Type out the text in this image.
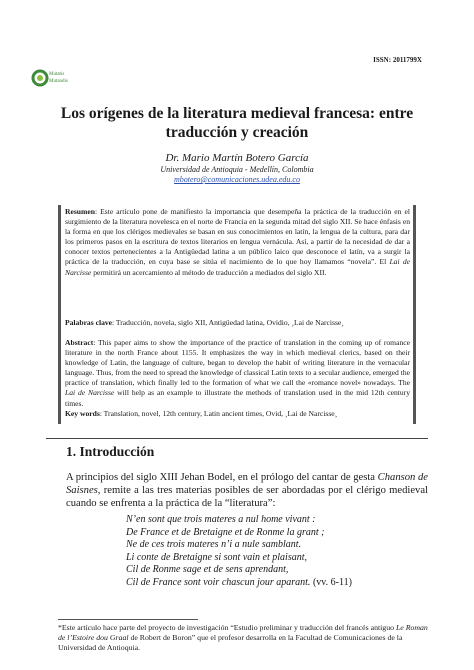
Mutatis
Mutandis
ISSN: 2011799X
Los orígenes de la literatura medieval francesa: entre
traducción y creación
Dr. Mario Martín Botero García
Universidad de Antioquia - Medellín, Colombia
mbotero@comunicaciones.udea.edu.co
Resumen: Este artículo pone de manifiesto la importancia que desempeña la práctica de la traducción en el surgimiento de la literatura novelesca en el norte de Francia en la segunda mitad del siglo XII. Se hace énfasis en la forma en que los clérigos medievales se basan en sus conocimientos en latín, la lengua de la cultura, para dar los primeros pasos en la escritura de textos literarios en lengua vernácula. Así, a partir de la necesidad de dar a conocer textos pertenecientes a la Antigüedad latina a un público laico que desconoce el latín, va a surgir la práctica de la traducción, en cuya base se sitúa el nacimiento de lo que hoy llamamos “novela”. El Lai de Narcisse permitirá un acercamiento al método de traducción a mediados del siglo XII.
Palabras clave: Traducción, novela, siglo XII, Antigüedad latina, Ovidio, ¸Lai de Narcisse¸
Abstract: This paper aims to show the importance of the practice of translation in the coming up of romance literature in the north France about 1155. It emphasizes the way in which medieval clerics, based on their knowledge of Latin, the language of culture, began to develop the habit of writing literature in the vernacular language. Thus, from the need to spread the knowledge of classical Latin texts to a secular audience, emerged the practice of translation, which finally led to the formation of what we call the «romance novel» nowadays. The Lai de Narcisse will help as an example to illustrate the methods of translation used in the mid 12th century times.
Key words: Translation, novel, 12th century, Latin ancient times, Ovid, ¸Lai de Narcisse¸
1. Introducción
A principios del siglo XIII Jehan Bodel, en el prólogo del cantar de gesta Chanson de Saisnes, remite a las tres materias posibles de ser abordadas por el clérigo medieval cuando se enfrenta a la práctica de la “literatura”:
N’en sont que trois materes a nul home vivant :
De France et de Bretaigne et de Ronme la grant ;
Ne de ces trois materes n’i a nule samblant.
Li conte de Bretaigne si sont vain et plaisant,
Cil de Ronme sage et de sens aprendant,
Cil de France sont voir chascun jour aparant. (vv. 6-11)
*Este artículo hace parte del proyecto de investigación “Estudio preliminar y traducción del francés antiguo Le Roman de l’Estoire dou Graal de Robert de Boron” que el profesor desarrolla en la Facultad de Comunicaciones de la Universidad de Antioquia.
